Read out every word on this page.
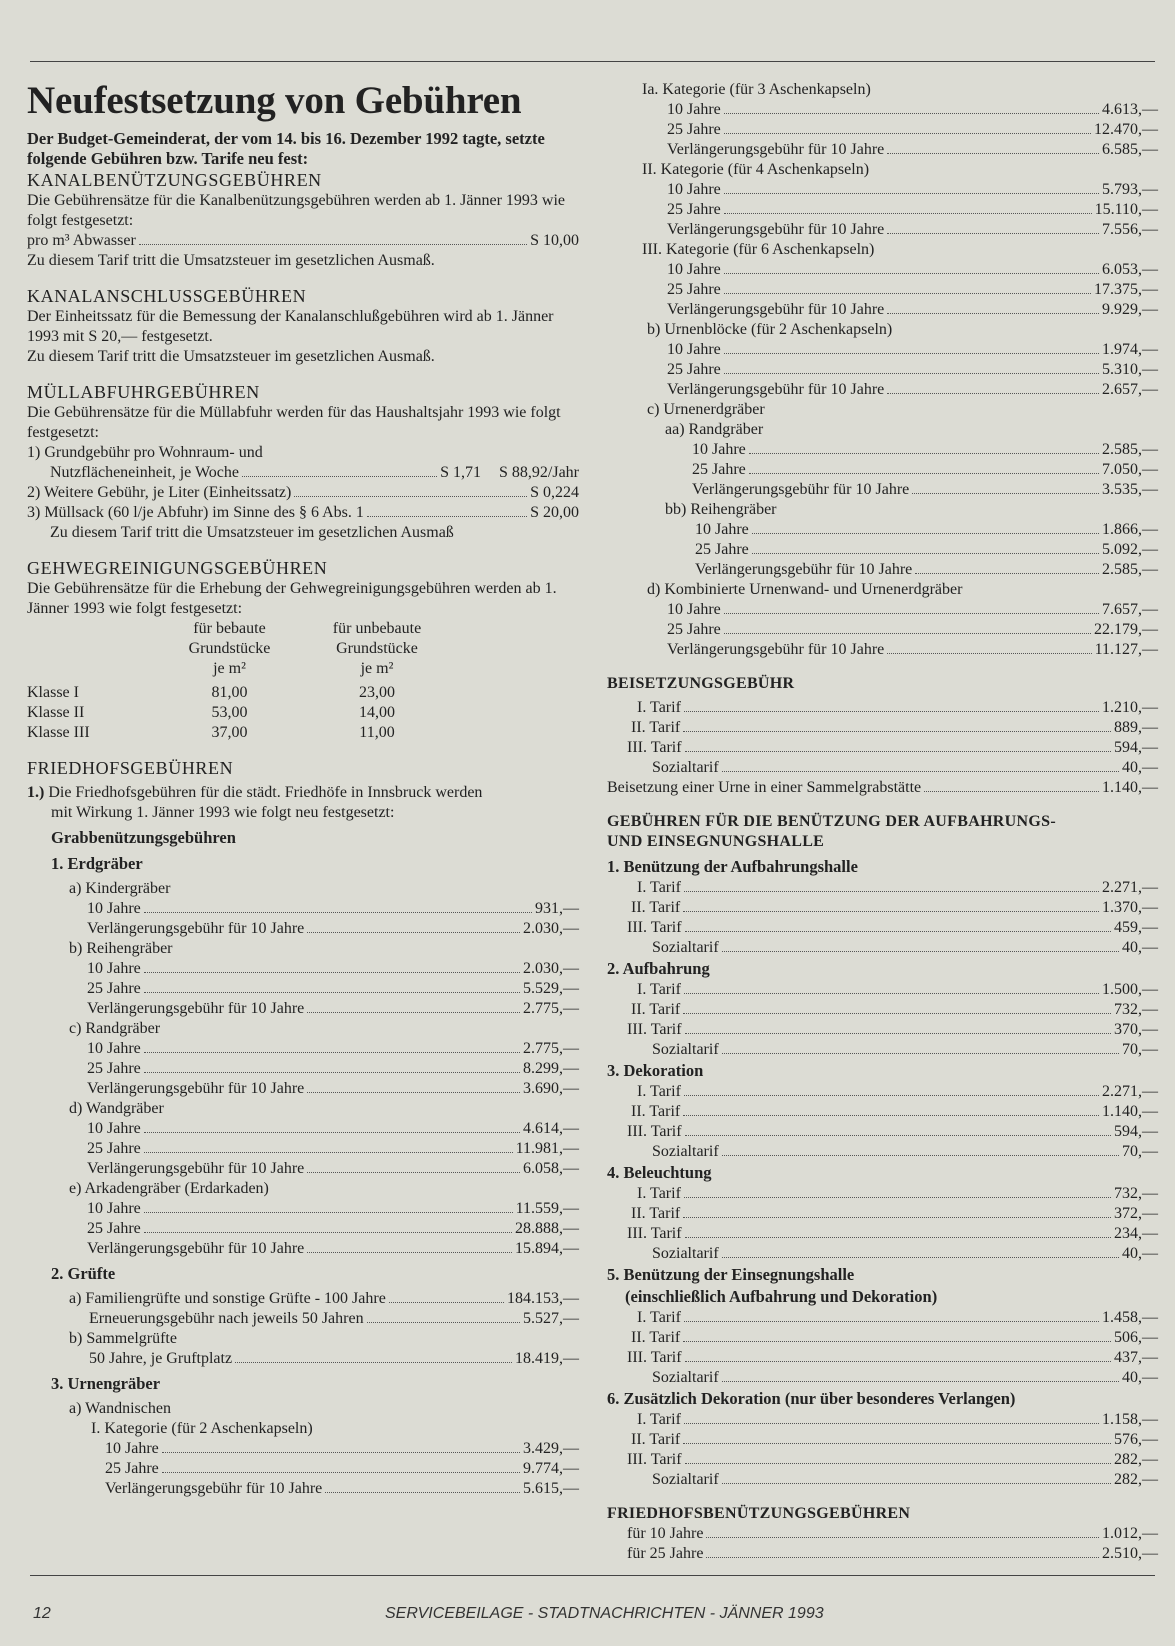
Neufestsetzung von Gebühren

Der Budget-Gemeinderat, der vom 14. bis 16. Dezember 1992 tagte, setzte folgende Gebühren bzw. Tarife neu fest:

KANALBENÜTZUNGSGEBÜHREN

Die Gebührensätze für die Kanalbenützungsgebühren werden ab 1. Jänner 1993 wie folgt festgesetzt:

pro m³ Abwasser	S 10,00

Zu diesem Tarif tritt die Umsatzsteuer im gesetzlichen Ausmaß.

KANALANSCHLUSSGEBÜHREN

Der Einheitssatz für die Bemessung der Kanalanschlußgebühren wird ab 1. Jänner 1993 mit S 20,— festgesetzt.

Zu diesem Tarif tritt die Umsatzsteuer im gesetzlichen Ausmaß.

MÜLLABFUHRGEBÜHREN

Die Gebührensätze für die Müllabfuhr werden für das Haushaltsjahr 1993 wie folgt festgesetzt:

1) Grundgebühr pro Wohnraum- und
Nutzflächeneinheit, je Woche	S 1,71 S 88,92/Jahr
2) Weitere Gebühr, je Liter (Einheitssatz)	S 0,224
3) Müllsack (60 l/je Abfuhr) im Sinne des § 6 Abs. 1	S 20,00
Zu diesem Tarif tritt die Umsatzsteuer im gesetzlichen Ausmaß
GEHWEGREINIGUNGSGEBÜHREN

Die Gebührensätze für die Erhebung der Gehwegreinigungsgebühren werden ab 1. Jänner 1993 wie folgt festgesetzt:

	für bebaute	für unbebaute
	Grundstücke	Grundstücke
	je m²	je m²

Klasse I	81,00	23,00
Klasse II	53,00	14,00
Klasse III	37,00	11,00
FRIEDHOFSGEBÜHREN
1.) Die Friedhofsgebühren für die städt. Friedhöfe in Innsbruck werden
mit Wirkung 1. Jänner 1993 wie folgt neu festgesetzt:
Grabbenützungsgebühren
1. Erdgräber
a) Kindergräber
10 Jahre	931,—
Verlängerungsgebühr für 10 Jahre	2.030,—
b) Reihengräber
10 Jahre	2.030,—
25 Jahre	5.529,—
Verlängerungsgebühr für 10 Jahre	2.775,—
c) Randgräber
10 Jahre	2.775,—
25 Jahre	8.299,—
Verlängerungsgebühr für 10 Jahre	3.690,—
d) Wandgräber
10 Jahre	4.614,—
25 Jahre	11.981,—
Verlängerungsgebühr für 10 Jahre	6.058,—
e) Arkadengräber (Erdarkaden)
10 Jahre	11.559,—
25 Jahre	28.888,—
Verlängerungsgebühr für 10 Jahre	15.894,—
2. Grüfte
a) Familiengrüfte und sonstige Grüfte - 100 Jahre	184.153,—
Erneuerungsgebühr nach jeweils 50 Jahren	5.527,—
b) Sammelgrüfte
50 Jahre, je Gruftplatz	18.419,—
3. Urnengräber
a) Wandnischen
I. Kategorie (für 2 Aschenkapseln)
10 Jahre	3.429,—
25 Jahre	9.774,—
Verlängerungsgebühr für 10 Jahre	5.615,—
Ia. Kategorie (für 3 Aschenkapseln)
10 Jahre	4.613,—
25 Jahre	12.470,—
Verlängerungsgebühr für 10 Jahre	6.585,—
II. Kategorie (für 4 Aschenkapseln)
10 Jahre	5.793,—
25 Jahre	15.110,—
Verlängerungsgebühr für 10 Jahre	7.556,—
III. Kategorie (für 6 Aschenkapseln)
10 Jahre	6.053,—
25 Jahre	17.375,—
Verlängerungsgebühr für 10 Jahre	9.929,—
b) Urnenblöcke (für 2 Aschenkapseln)
10 Jahre	1.974,—
25 Jahre	5.310,—
Verlängerungsgebühr für 10 Jahre	2.657,—
c) Urnenerdgräber
aa) Randgräber
10 Jahre	2.585,—
25 Jahre	7.050,—
Verlängerungsgebühr für 10 Jahre	3.535,—
bb) Reihengräber
10 Jahre	1.866,—
25 Jahre	5.092,—
Verlängerungsgebühr für 10 Jahre	2.585,—
d) Kombinierte Urnenwand- und Urnenerdgräber
10 Jahre	7.657,—
25 Jahre	22.179,—
Verlängerungsgebühr für 10 Jahre	11.127,—
BEISETZUNGSGEBÜHR
I. Tarif	1.210,—
II. Tarif	889,—
III. Tarif	594,—
Sozialtarif	40,—
Beisetzung einer Urne in einer Sammelgrabstätte	1.140,—
GEBÜHREN FÜR DIE BENÜTZUNG DER AUFBAHRUNGS-
UND EINSEGNUNGSHALLE
1. Benützung der Aufbahrungshalle
I. Tarif	2.271,—
II. Tarif	1.370,—
III. Tarif	459,—
Sozialtarif	40,—
2. Aufbahrung
I. Tarif	1.500,—
II. Tarif	732,—
III. Tarif	370,—
Sozialtarif	70,—
3. Dekoration
I. Tarif	2.271,—
II. Tarif	1.140,—
III. Tarif	594,—
Sozialtarif	70,—
4. Beleuchtung
I. Tarif	732,—
II. Tarif	372,—
III. Tarif	234,—
Sozialtarif	40,—
5. Benützung der Einsegnungshalle
(einschließlich Aufbahrung und Dekoration)
I. Tarif	1.458,—
II. Tarif	506,—
III. Tarif	437,—
Sozialtarif	40,—
6. Zusätzlich Dekoration (nur über besonderes Verlangen)
I. Tarif	1.158,—
II. Tarif	576,—
III. Tarif	282,—
Sozialtarif	282,—
FRIEDHOFSBENÜTZUNGSGEBÜHREN
für 10 Jahre	1.012,—
für 25 Jahre	2.510,—
12	SERVICEBEILAGE - STADTNACHRICHTEN - JÄNNER 1993
